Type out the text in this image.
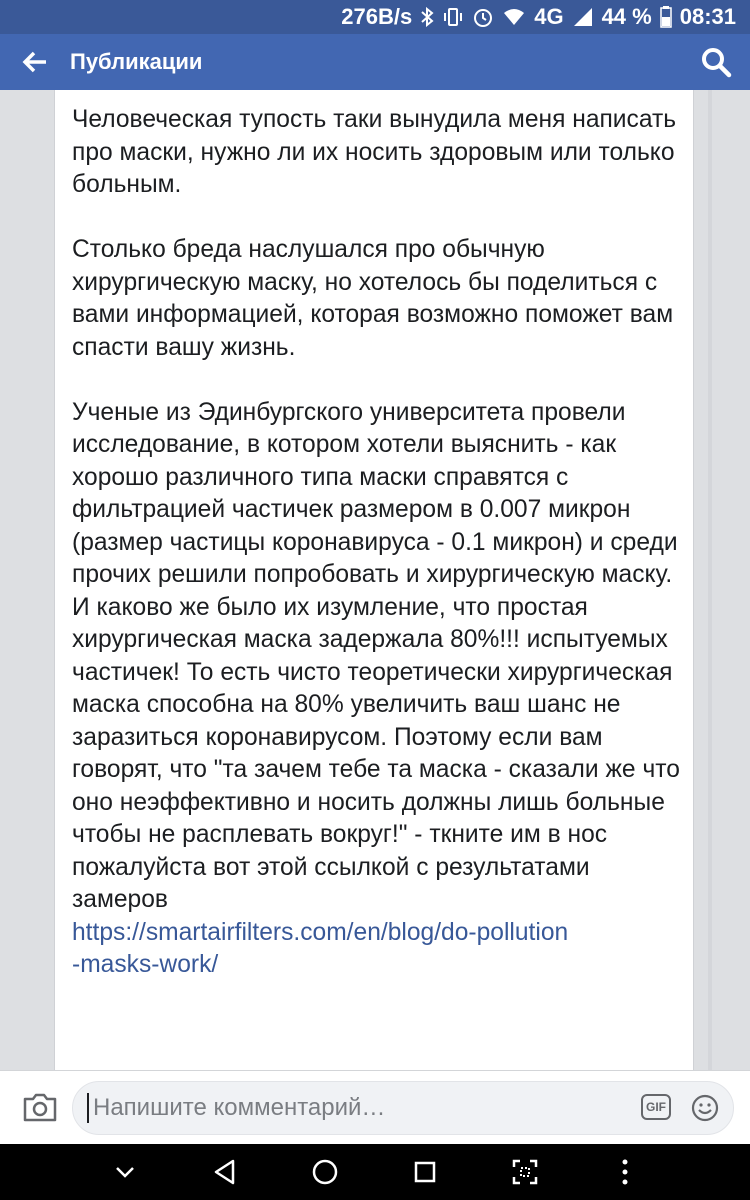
276B/s	4G 44 % 08:31
Публикации

Человеческая тупость таки вынудила меня написать про маски, нужно ли их носить здоровым или только больным.

Столько бреда наслушался про обычную хирургическую маску, но хотелось бы поделиться с вами информацией, которая возможно поможет вам спасти вашу жизнь.

Ученые из Эдинбургского университета провели исследование, в котором хотели выяснить - как хорошо различного типа маски справятся с фильтрацией частичек размером в 0.007 микрон (размер частицы коронавируса - 0.1 микрон) и среди прочих решили попробовать и хирургическую маску.

И каково же было их изумление, что простая хирургическая маска задержала 80%!!! испытуемых частичек! То есть чисто теоретически хирургическая маска способна на 80% увеличить ваш шанс не заразиться коронавирусом. Поэтому если вам говорят, что "та зачем тебе та маска - сказали же что оно неэффективно и носить должны лишь больные чтобы не расплевать вокруг!" - ткните им в нос пожалуйста вот этой ссылкой с результатами замеров

https://smartairfilters.com/en/blog/do-pollution
-masks-work/
Напишите комментарий…	GIF
